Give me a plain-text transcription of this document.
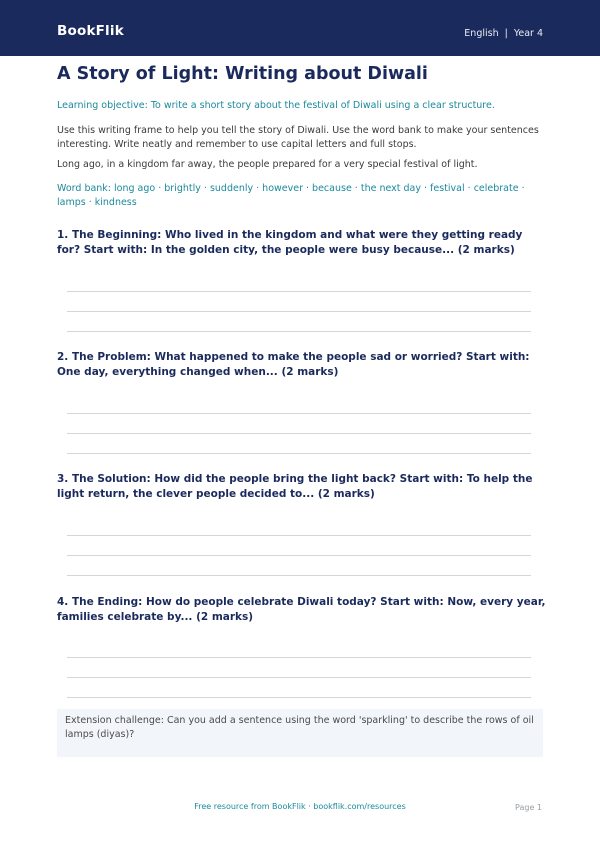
BookFlik	English | Year 4
A Story of Light: Writing about Diwali

Learning objective: To write a short story about the festival of Diwali using a clear structure.

Use this writing frame to help you tell the story of Diwali. Use the word bank to make your sentences interesting. Write neatly and remember to use capital letters and full stops.

Long ago, in a kingdom far away, the people prepared for a very special festival of light.

Word bank: long ago · brightly · suddenly · however · because · the next day · festival · celebrate · lamps · kindness

1. The Beginning: Who lived in the kingdom and what were they getting ready for? Start with: In the golden city, the people were busy because... (2 marks)

2. The Problem: What happened to make the people sad or worried? Start with: One day, everything changed when... (2 marks)

3. The Solution: How did the people bring the light back? Start with: To help the light return, the clever people decided to... (2 marks)

4. The Ending: How do people celebrate Diwali today? Start with: Now, every year, families celebrate by... (2 marks)

Extension challenge: Can you add a sentence using the word 'sparkling' to describe the rows of oil lamps (diyas)?
Free resource from BookFlik · bookflik.com/resources	Page 1
